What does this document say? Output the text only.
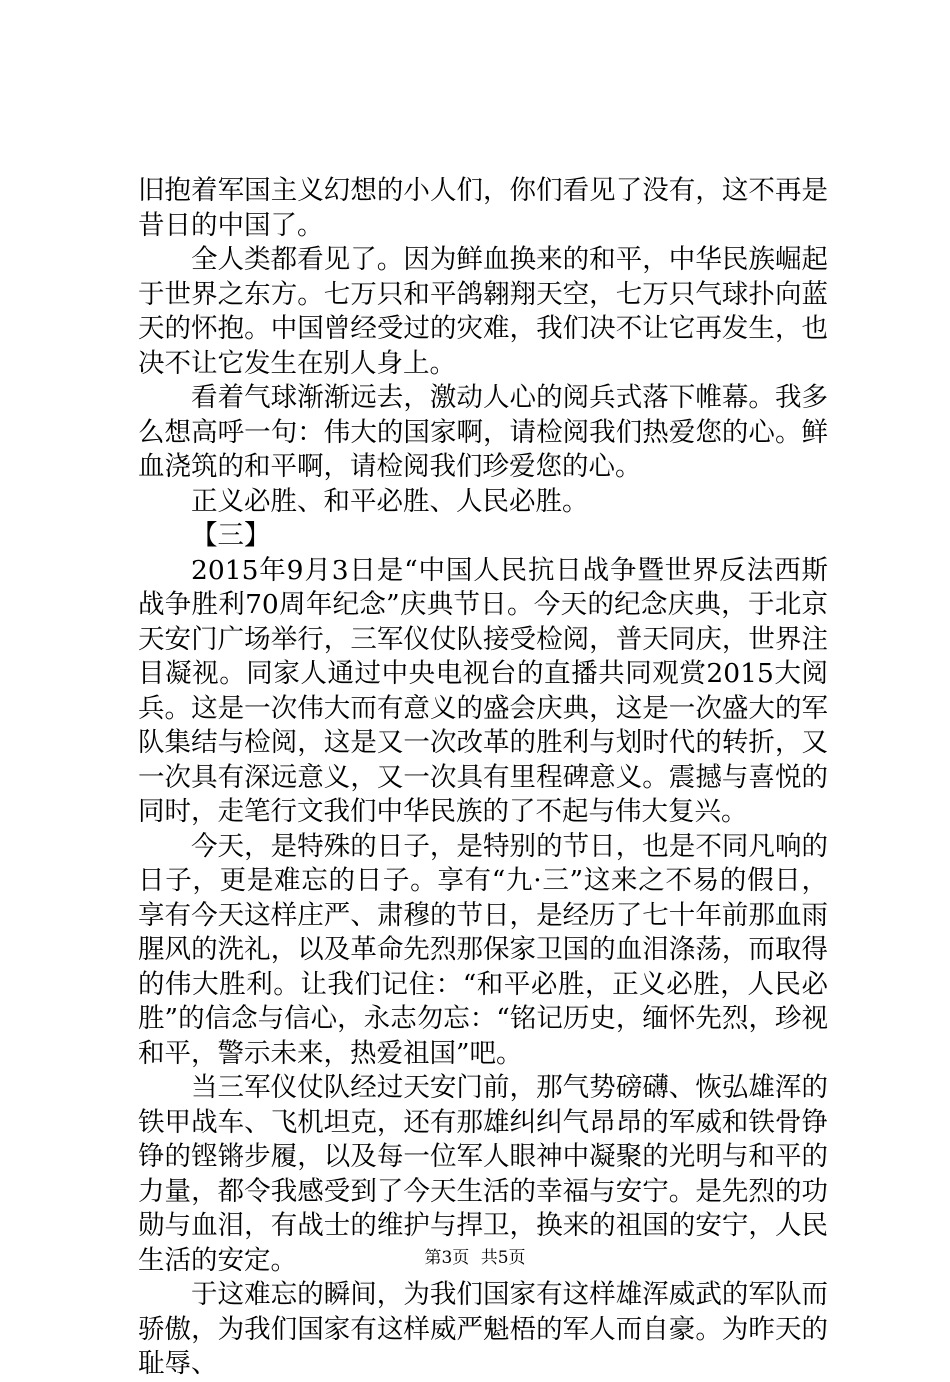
旧抱着军国主义幻想的小人们，你们看见了没有，这不再是昔日的中国了。

全人类都看见了。因为鲜血换来的和平，中华民族崛起于世界之东方。七万只和平鸽翱翔天空，七万只气球扑向蓝天的怀抱。中国曾经受过的灾难，我们决不让它再发生，也决不让它发生在别人身上。

看着气球渐渐远去，激动人心的阅兵式落下帷幕。我多么想高呼一句：伟大的国家啊，请检阅我们热爱您的心。鲜血浇筑的和平啊，请检阅我们珍爱您的心。

正义必胜、和平必胜、人民必胜。

【三】

2015年9月3日是“中国人民抗日战争暨世界反法西斯战争胜利70周年纪念”庆典节日。今天的纪念庆典，于北京天安门广场举行，三军仪仗队接受检阅，普天同庆，世界注目凝视。同家人通过中央电视台的直播共同观赏2015大阅兵。这是一次伟大而有意义的盛会庆典，这是一次盛大的军队集结与检阅，这是又一次改革的胜利与划时代的转折，又一次具有深远意义，又一次具有里程碑意义。震撼与喜悦的同时，走笔行文我们中华民族的了不起与伟大复兴。

今天，是特殊的日子，是特别的节日，也是不同凡响的日子，更是难忘的日子。享有“九·三”这来之不易的假日，享有今天这样庄严、肃穆的节日，是经历了七十年前那血雨腥风的洗礼，以及革命先烈那保家卫国的血泪涤荡，而取得的伟大胜利。让我们记住：“和平必胜，正义必胜，人民必胜”的信念与信心，永志勿忘：“铭记历史，缅怀先烈，珍视和平，警示未来，热爱祖国”吧。

当三军仪仗队经过天安门前，那气势磅礴、恢弘雄浑的铁甲战车、飞机坦克，还有那雄纠纠气昂昂的军威和铁骨铮铮的铿锵步履，以及每一位军人眼神中凝聚的光明与和平的力量，都令我感受到了今天生活的幸福与安宁。是先烈的功勋与血泪，有战士的维护与捍卫，换来的祖国的安宁，人民生活的安定。

于这难忘的瞬间，为我们国家有这样雄浑威武的军队而骄傲，为我们国家有这样威严魁梧的军人而自豪。为昨天的耻辱、

第3页 共5页
